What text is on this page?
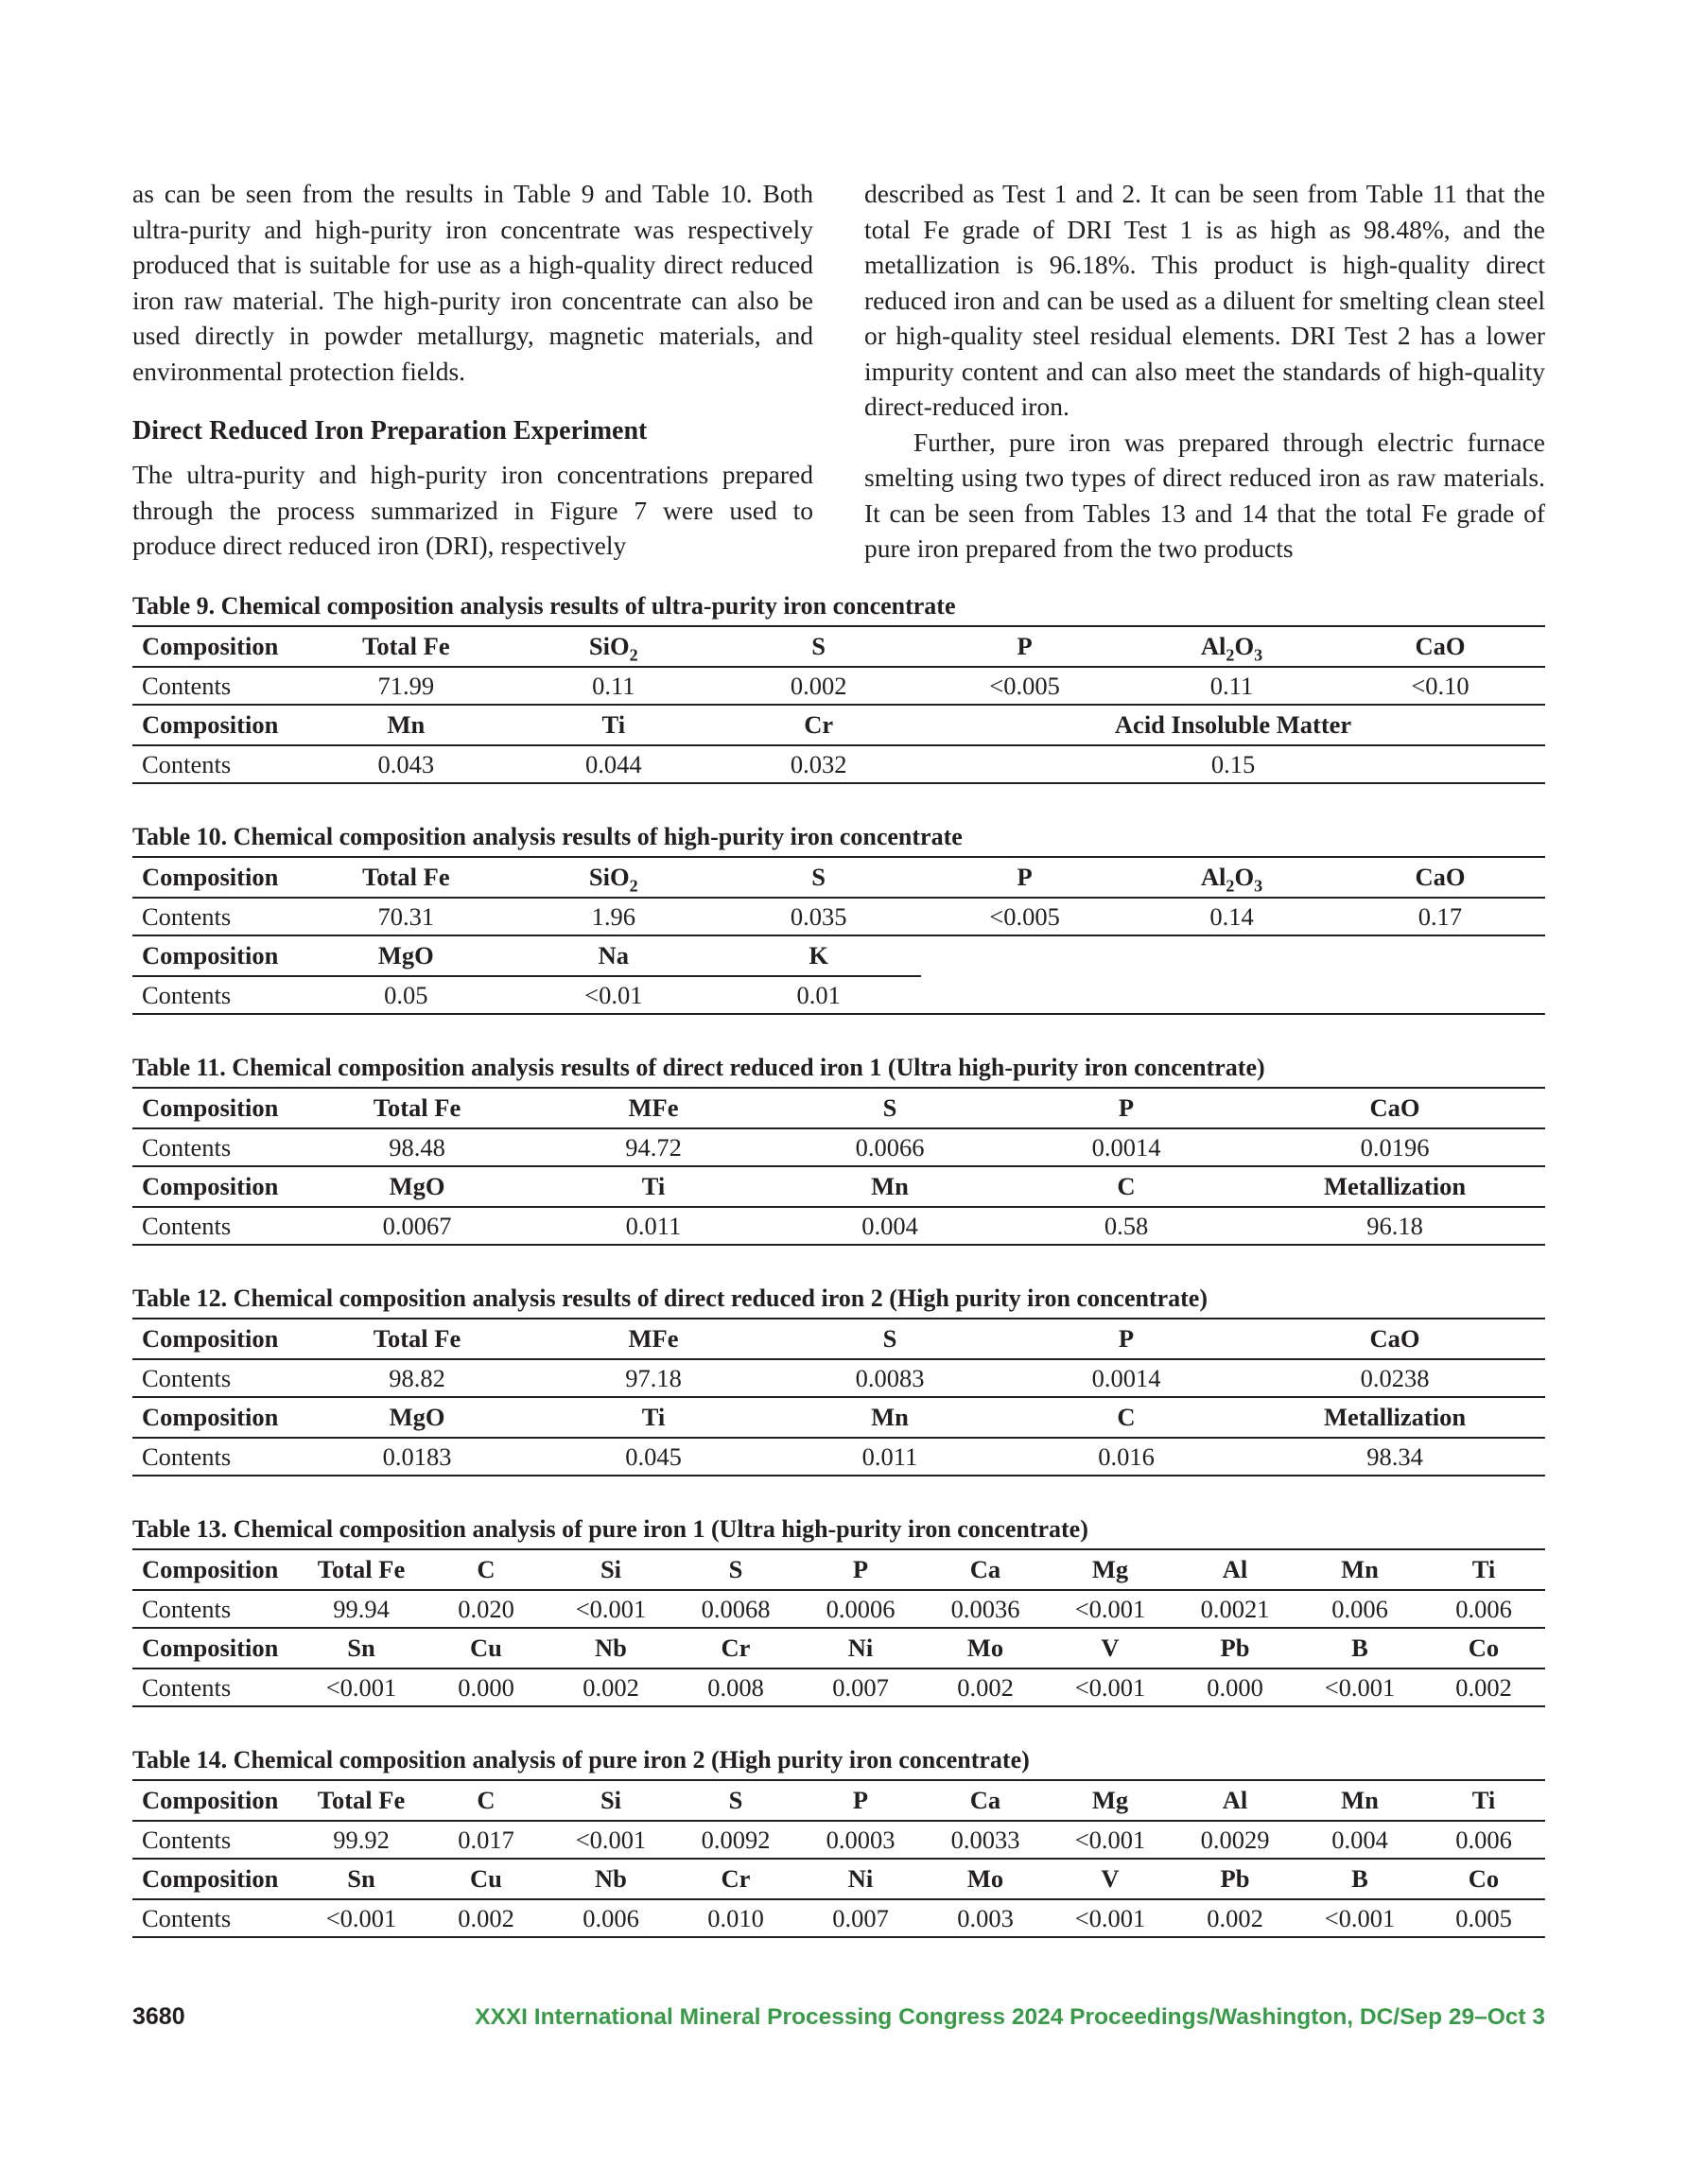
as can be seen from the results in Table 9 and Table 10. Both ultra-purity and high-purity iron concentrate was respectively produced that is suitable for use as a high-quality direct reduced iron raw material. The high-purity iron concentrate can also be used directly in powder metallurgy, magnetic materials, and environmental protection fields.

Direct Reduced Iron Preparation Experiment

The ultra-purity and high-purity iron concentrations prepared through the process summarized in Figure 7 were used to produce direct reduced iron (DRI), respectively

described as Test 1 and 2. It can be seen from Table 11 that the total Fe grade of DRI Test 1 is as high as 98.48%, and the metallization is 96.18%. This product is high-quality direct reduced iron and can be used as a diluent for smelting clean steel or high-quality steel residual elements. DRI Test 2 has a lower impurity content and can also meet the standards of high-quality direct-reduced iron.

Further, pure iron was prepared through electric furnace smelting using two types of direct reduced iron as raw materials. It can be seen from Tables 13 and 14 that the total Fe grade of pure iron prepared from the two products

Table 9. Chemical composition analysis results of ultra-purity iron concentrate
Composition	Total Fe	SiO$_2$	S	P	$Al_2O_3$	CaO
Contents	71.99	0.11	0.002	<0.005	0.11	<0.10
Composition	Mn	Ti	Cr	Acid Insoluble Matter		
Contents	0.043	0.044	0.032	0.15		
Table 10. Chemical composition analysis results of high-purity iron concentrate
Composition	Total Fe	SiO$_2$	S	P	$Al_2O_3$	CaO
Contents	70.31	1.96	0.035	<0.005	0.14	0.17
Composition	MgO	Na	K			
Contents	0.05	<0.01	0.01			
Table 11. Chemical composition analysis results of direct reduced iron 1 (Ultra high-purity iron concentrate)
Composition	Total Fe	MFe	S	P	CaO
Contents	98.48	94.72	0.0066	0.0014	0.0196
Composition	MgO	Ti	Mn	C	Metallization
Contents	0.0067	0.011	0.004	0.58	96.18
Table 12. Chemical composition analysis results of direct reduced iron 2 (High purity iron concentrate)
Composition	Total Fe	MFe	S	P	CaO
Contents	98.82	97.18	0.0083	0.0014	0.0238
Composition	MgO	Ti	Mn	C	Metallization
Contents	0.0183	0.045	0.011	0.016	98.34
Table 13. Chemical composition analysis of pure iron 1 (Ultra high-purity iron concentrate)
Composition	Total Fe	C	Si	S	P	Ca	Mg	Al	Mn	Ti
Contents	99.94	0.020	<0.001	0.0068	0.0006	0.0036	<0.001	0.0021	0.006	0.006
Composition	Sn	Cu	Nb	Cr	Ni	Mo	V	Pb	B	Co
Contents	<0.001	0.000	0.002	0.008	0.007	0.002	<0.001	0.000	<0.001	0.002
Table 14. Chemical composition analysis of pure iron 2 (High purity iron concentrate)
Composition	Total Fe	C	Si	S	P	Ca	Mg	Al	Mn	Ti
Contents	99.92	0.017	<0.001	0.0092	0.0003	0.0033	<0.001	0.0029	0.004	0.006
Composition	Sn	Cu	Nb	Cr	Ni	Mo	V	Pb	B	Co
Contents	<0.001	0.002	0.006	0.010	0.007	0.003	<0.001	0.002	<0.001	0.005
3680	XXXI International Mineral Processing Congress 2024 Proceedings/Washington, DC/Sep 29–Oct 3
